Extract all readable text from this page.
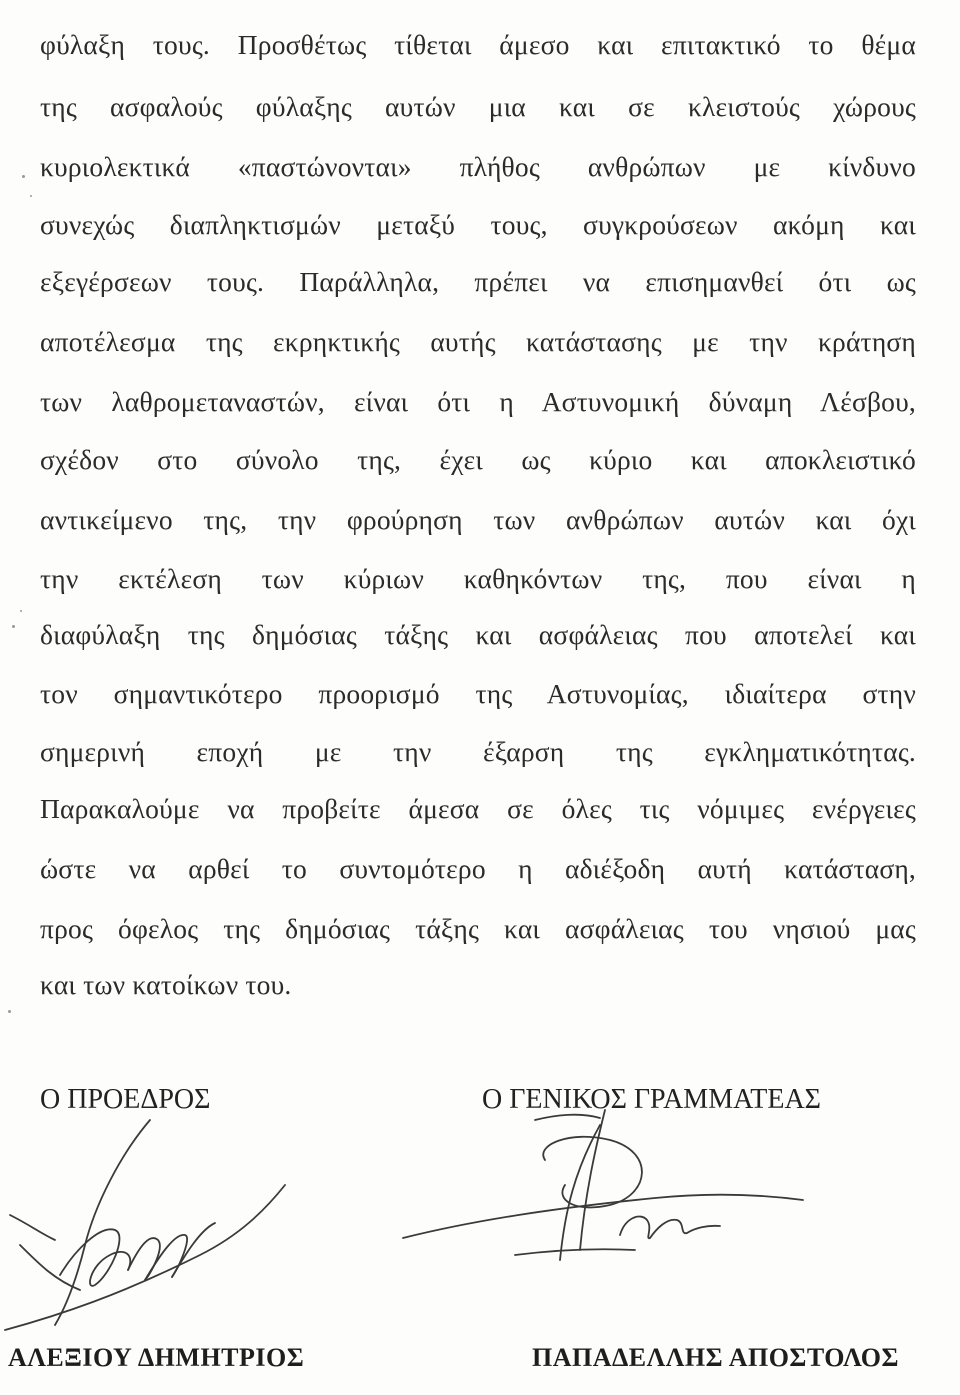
φύλαξη τους. Προσθέτως τίθεται άμεσο και επιτακτικό το θέμα
της ασφαλούς φύλαξης αυτών μια και σε κλειστούς χώρους
κυριολεκτικά «παστώνονται» πλήθος ανθρώπων με κίνδυνο
συνεχώς διαπληκτισμών μεταξύ τους, συγκρούσεων ακόμη και
εξεγέρσεων τους. Παράλληλα, πρέπει να επισημανθεί ότι ως
αποτέλεσμα της εκρηκτικής αυτής κατάστασης με την κράτηση
των λαθρομεταναστών, είναι ότι η Αστυνομική δύναμη Λέσβου,
σχέδον στο σύνολο της, έχει ως κύριο και αποκλειστικό
αντικείμενο της, την φρούρηση των ανθρώπων αυτών και όχι
την εκτέλεση των κύριων καθηκόντων της, που είναι η
διαφύλαξη της δημόσιας τάξης και ασφάλειας που αποτελεί και
τον σημαντικότερο προορισμό της Αστυνομίας, ιδιαίτερα στην
σημερινή εποχή με την έξαρση της εγκληματικότητας.
Παρακαλούμε να προβείτε άμεσα σε όλες τις νόμιμες ενέργειες
ώστε να αρθεί το συντομότερο η αδιέξοδη αυτή κατάσταση,
προς όφελος της δημόσιας τάξης και ασφάλειας του νησιού μας
και των κατοίκων του.
Ο ΠΡΟΕΔΡΟΣ	Ο ΓΕΝΙΚΟΣ ΓΡΑΜΜΑΤΕΑΣ
ΑΛΕΞΙΟΥ ΔΗΜΗΤΡΙΟΣ	ΠΑΠΑΔΕΛΛΗΣ ΑΠΟΣΤΟΛΟΣ
